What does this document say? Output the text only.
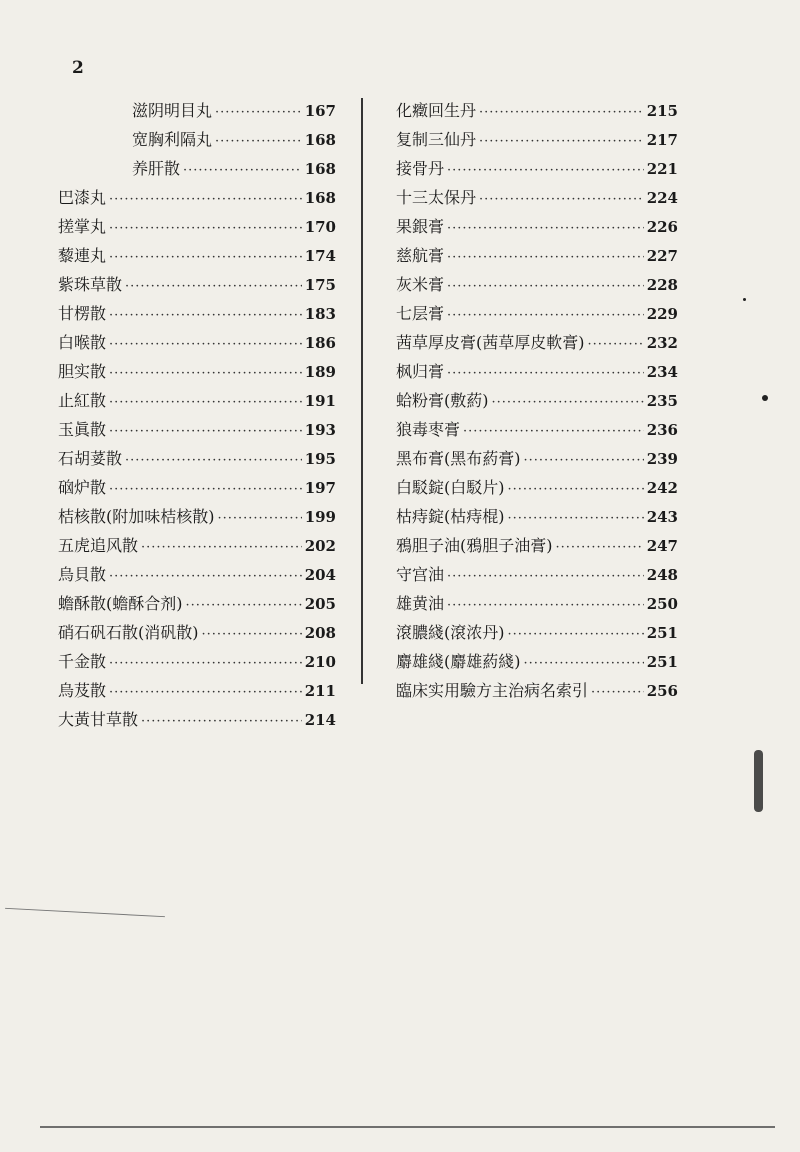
2
滋阴明目丸 ·····	167
宽胸利隔丸 ·····	168
养肝散 ·····	168
巴漆丸 ·····	168
搓掌丸 ·····	170
藜連丸 ·····	174
紫珠草散 ·····	175
甘楞散 ·····	183
白喉散 ·····	186
胆实散 ·····	189
止紅散 ·····	191
玉眞散 ·····	193
石胡荽散 ·····	195
硇炉散 ·····	197
桔核散(附加味桔核散) ·····	199
五虎追风散 ·····	202
烏貝散 ·····	204
蟾酥散(蟾酥合剂) ·····	205
硝石矾石散(消矾散) ·····	208
千金散 ·····	210
烏芨散 ·····	211
大黃甘草散 ·····	214
化癥回生丹 ·····	215
复制三仙丹 ·····	217
接骨丹 ·····	221
十三太保丹 ·····	224
果銀膏 ·····	226
慈航膏 ·····	227
灰米膏 ·····	228
七层膏 ·····	229
茜草厚皮膏(茜草厚皮軟膏) ·····	232
枫归膏 ·····	234
蛤粉膏(敷葯) ·····	235
狼毒枣膏 ·····	236
黑布膏(黑布葯膏) ·····	239
白駁錠(白駁片) ·····	242
枯痔錠(枯痔棍) ·····	243
鴉胆子油(鴉胆子油膏) ·····	247
守宫油 ·····	248
雄黄油 ·····	250
滾膿綫(滾浓丹) ·····	251
麝雄綫(麝雄葯綫) ·····	251
臨床实用驗方主治病名索引 ·····	256
